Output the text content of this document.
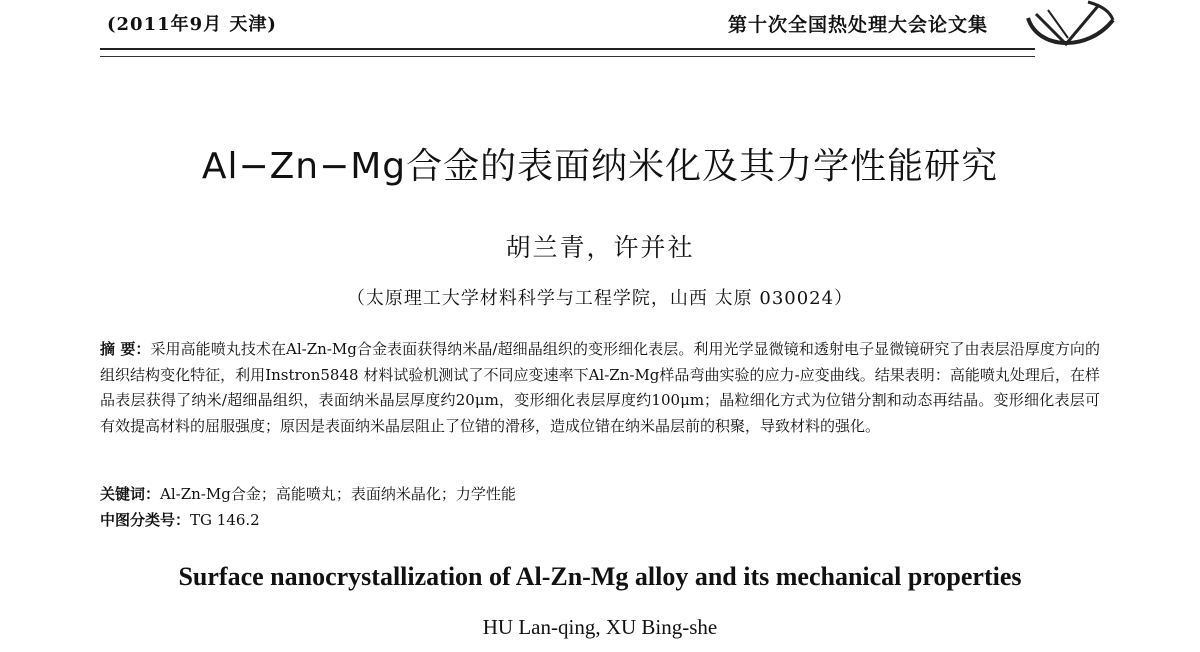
(2011年9月 天津)	第十次全国热处理大会论文集
Al−Zn−Mg合金的表面纳米化及其力学性能研究
胡兰青，许并社
（太原理工大学材料科学与工程学院，山西 太原 030024）

摘 要：采用高能喷丸技术在Al-Zn-Mg合金表面获得纳米晶/超细晶组织的变形细化表层。利用光学显微镜和透射电子显微镜研究了由表层沿厚度方向的组织结构变化特征，利用Instron5848 材料试验机测试了不同应变速率下Al-Zn-Mg样品弯曲实验的应力-应变曲线。结果表明：高能喷丸处理后，在样品表层获得了纳米/超细晶组织，表面纳米晶层厚度约20μm，变形细化表层厚度约100μm；晶粒细化方式为位错分割和动态再结晶。变形细化表层可有效提高材料的屈服强度；原因是表面纳米晶层阻止了位错的滑移，造成位错在纳米晶层前的积聚，导致材料的强化。

关键词：Al-Zn-Mg合金；高能喷丸；表面纳米晶化；力学性能
中图分类号：TG 146.2
Surface nanocrystallization of Al-Zn-Mg alloy and its mechanical properties
HU Lan-qing, XU Bing-she
